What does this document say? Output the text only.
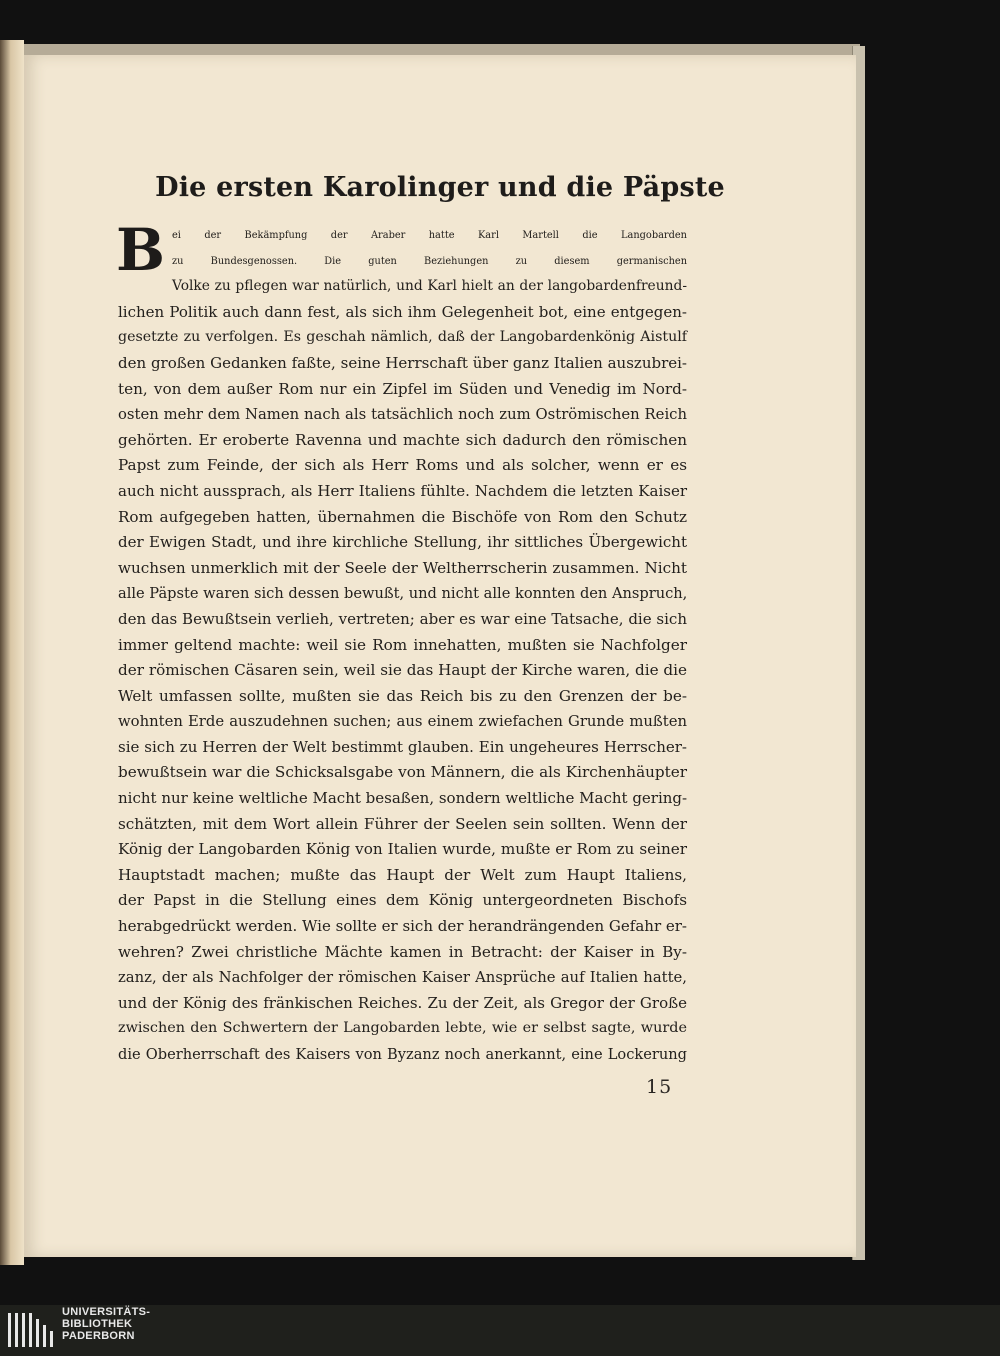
Die ersten Karolinger und die Päpste
B ei der Bekämpfung der Araber hatte Karl Martell die Langobarden
zu Bundesgenossen. Die guten Beziehungen zu diesem germanischen
Volke zu pflegen war natürlich, und Karl hielt an der langobardenfreund-
lichen Politik auch dann fest, als sich ihm Gelegenheit bot, eine entgegen-
gesetzte zu verfolgen. Es geschah nämlich, daß der Langobardenkönig Aistulf
den großen Gedanken faßte, seine Herrschaft über ganz Italien auszubrei-
ten, von dem außer Rom nur ein Zipfel im Süden und Venedig im Nord-
osten mehr dem Namen nach als tatsächlich noch zum Oströmischen Reich
gehörten. Er eroberte Ravenna und machte sich dadurch den römischen
Papst zum Feinde, der sich als Herr Roms und als solcher, wenn er es
auch nicht aussprach, als Herr Italiens fühlte. Nachdem die letzten Kaiser
Rom aufgegeben hatten, übernahmen die Bischöfe von Rom den Schutz
der Ewigen Stadt, und ihre kirchliche Stellung, ihr sittliches Übergewicht
wuchsen unmerklich mit der Seele der Weltherrscherin zusammen. Nicht
alle Päpste waren sich dessen bewußt, und nicht alle konnten den Anspruch,
den das Bewußtsein verlieh, vertreten; aber es war eine Tatsache, die sich
immer geltend machte: weil sie Rom innehatten, mußten sie Nachfolger
der römischen Cäsaren sein, weil sie das Haupt der Kirche waren, die die
Welt umfassen sollte, mußten sie das Reich bis zu den Grenzen der be-
wohnten Erde auszudehnen suchen; aus einem zwiefachen Grunde mußten
sie sich zu Herren der Welt bestimmt glauben. Ein ungeheures Herrscher-
bewußtsein war die Schicksalsgabe von Männern, die als Kirchenhäupter
nicht nur keine weltliche Macht besaßen, sondern weltliche Macht gering-
schätzten, mit dem Wort allein Führer der Seelen sein sollten. Wenn der
König der Langobarden König von Italien wurde, mußte er Rom zu seiner
Hauptstadt machen; mußte das Haupt der Welt zum Haupt Italiens,
der Papst in die Stellung eines dem König untergeordneten Bischofs
herabgedrückt werden. Wie sollte er sich der herandrängenden Gefahr er-
wehren? Zwei christliche Mächte kamen in Betracht: der Kaiser in By-
zanz, der als Nachfolger der römischen Kaiser Ansprüche auf Italien hatte,
und der König des fränkischen Reiches. Zu der Zeit, als Gregor der Große
zwischen den Schwertern der Langobarden lebte, wie er selbst sagte, wurde
die Oberherrschaft des Kaisers von Byzanz noch anerkannt, eine Lockerung
15
UNIVERSITÄTS-
BIBLIOTHEK
PADERBORN
